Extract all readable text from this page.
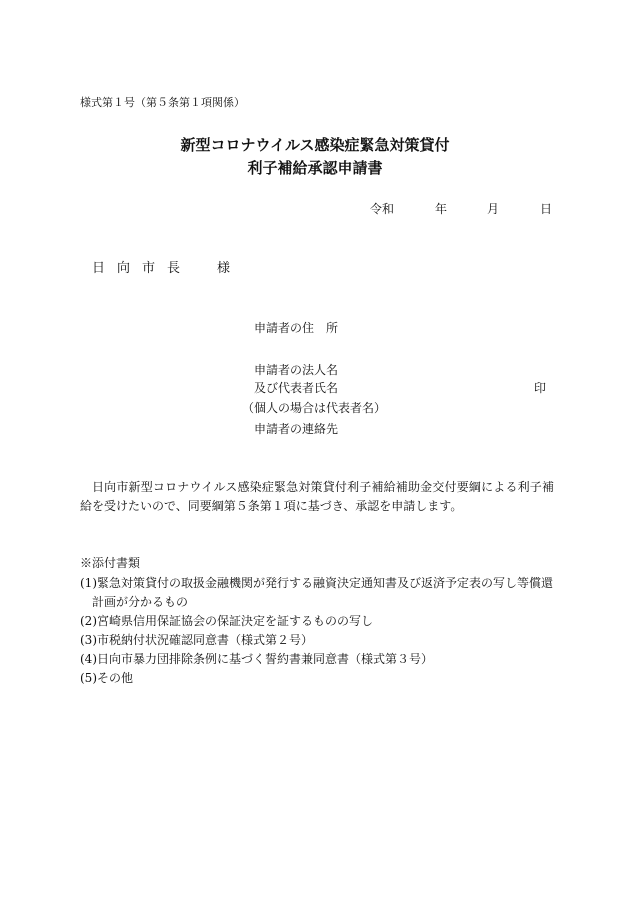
様式第１号（第５条第１項関係）
新型コロナウイルス感染症緊急対策貸付
利子補給承認申請書
令和	年	月	日
日向市長　様
申請者の住　所
申請者の法人名
及び代表者氏名	印
（個人の場合は代表者名）
申請者の連絡先
日向市新型コロナウイルス感染症緊急対策貸付利子補給補助金交付要綱による利子補給を受けたいので、同要綱第５条第１項に基づき、承認を申請します。
※添付書類
(1)緊急対策貸付の取扱金融機関が発行する融資決定通知書及び返済予定表の写し等償還計画が分かるもの
(2)宮崎県信用保証協会の保証決定を証するものの写し
(3)市税納付状況確認同意書（様式第２号）
(4)日向市暴力団排除条例に基づく誓約書兼同意書（様式第３号）
(5)その他
